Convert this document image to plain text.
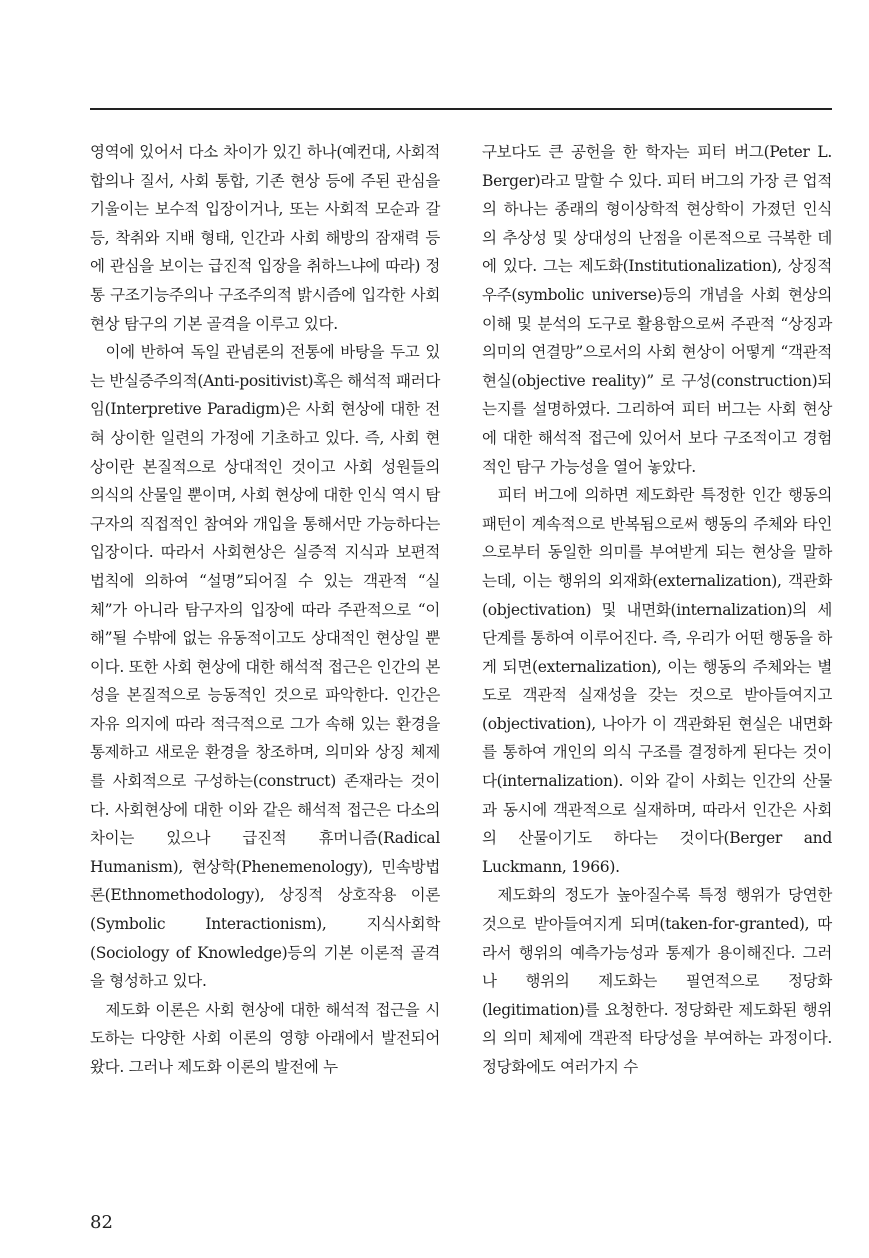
영역에 있어서 다소 차이가 있긴 하나(예컨대, 사회적 합의나 질서, 사회 통합, 기존 현상 등에 주된 관심을 기울이는 보수적 입장이거나, 또는 사회적 모순과 갈등, 착취와 지배 형태, 인간과 사회 해방의 잠재력 등에 관심을 보이는 급진적 입장을 취하느냐에 따라) 정통 구조기능주의나 구조주의적 밝시즘에 입각한 사회 현상 탐구의 기본 골격을 이루고 있다.

이에 반하여 독일 관념론의 전통에 바탕을 두고 있는 반실증주의적(Anti-positivist)혹은 해석적 패러다임(Interpretive Paradigm)은 사회 현상에 대한 전혀 상이한 일련의 가정에 기초하고 있다. 즉, 사회 현상이란 본질적으로 상대적인 것이고 사회 성원들의 의식의 산물일 뿐이며, 사회 현상에 대한 인식 역시 탐구자의 직접적인 참여와 개입을 통해서만 가능하다는 입장이다. 따라서 사회현상은 실증적 지식과 보편적 법칙에 의하여 “설명”되어질 수 있는 객관적 “실체”가 아니라 탐구자의 입장에 따라 주관적으로 “이해”될 수밖에 없는 유동적이고도 상대적인 현상일 뿐이다. 또한 사회 현상에 대한 해석적 접근은 인간의 본성을 본질적으로 능동적인 것으로 파악한다. 인간은 자유 의지에 따라 적극적으로 그가 속해 있는 환경을 통제하고 새로운 환경을 창조하며, 의미와 상징 체제를 사회적으로 구성하는(construct) 존재라는 것이다. 사회현상에 대한 이와 같은 해석적 접근은 다소의 차이는 있으나 급진적 휴머니즘(Radical Humanism), 현상학(Phenemenology), 민속방법론(Ethnomethodology), 상징적 상호작용 이론(Symbolic Interactionism), 지식사회학(Sociology of Knowledge)등의 기본 이론적 골격을 형성하고 있다.

제도화 이론은 사회 현상에 대한 해석적 접근을 시도하는 다양한 사회 이론의 영향 아래에서 발전되어 왔다. 그러나 제도화 이론의 발전에 누

구보다도 큰 공헌을 한 학자는 피터 버그(Peter L. Berger)라고 말할 수 있다. 피터 버그의 가장 큰 업적의 하나는 종래의 형이상학적 현상학이 가졌던 인식의 추상성 및 상대성의 난점을 이론적으로 극복한 데에 있다. 그는 제도화(Institutionalization), 상징적 우주(symbolic universe)등의 개념을 사회 현상의 이해 및 분석의 도구로 활용함으로써 주관적 “상징과 의미의 연결망”으로서의 사회 현상이 어떻게 “객관적 현실(objective reality)” 로 구성(construction)되는지를 설명하였다. 그리하여 피터 버그는 사회 현상에 대한 해석적 접근에 있어서 보다 구조적이고 경험적인 탐구 가능성을 열어 놓았다.

피터 버그에 의하면 제도화란 특정한 인간 행동의 패턴이 계속적으로 반복됨으로써 행동의 주체와 타인으로부터 동일한 의미를 부여받게 되는 현상을 말하는데, 이는 행위의 외재화(externalization), 객관화(objectivation) 및 내면화(internalization)의 세 단계를 통하여 이루어진다. 즉, 우리가 어떤 행동을 하게 되면(externalization), 이는 행동의 주체와는 별도로 객관적 실재성을 갖는 것으로 받아들여지고(objectivation), 나아가 이 객관화된 현실은 내면화를 통하여 개인의 의식 구조를 결정하게 된다는 것이다(internalization). 이와 같이 사회는 인간의 산물과 동시에 객관적으로 실재하며, 따라서 인간은 사회의 산물이기도 하다는 것이다(Berger and Luckmann, 1966).

제도화의 정도가 높아질수록 특정 행위가 당연한 것으로 받아들여지게 되며(taken-for-granted), 따라서 행위의 예측가능성과 통제가 용이해진다. 그러나 행위의 제도화는 필연적으로 정당화(legitimation)를 요청한다. 정당화란 제도화된 행위의 의미 체제에 객관적 타당성을 부여하는 과정이다. 정당화에도 여러가지 수

82
